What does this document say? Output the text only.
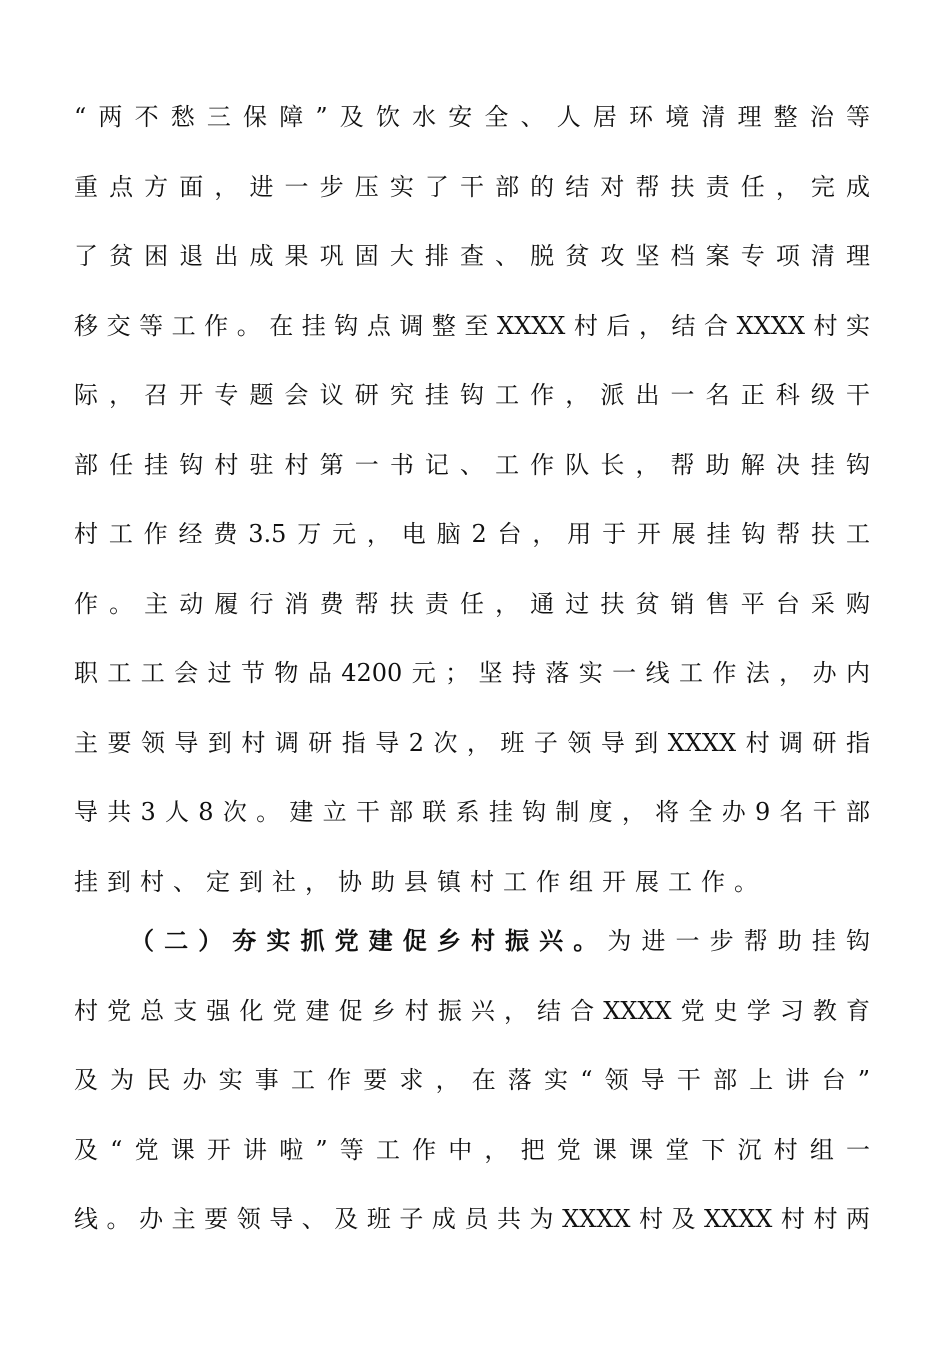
“两不愁三保障”及饮水安全、人居环境清理整治等
重点方面，进一步压实了干部的结对帮扶责任，完成
了贫困退出成果巩固大排查、脱贫攻坚档案专项清理
移交等工作。在挂钩点调整至XXXX村后，结合XXXX村实
际，召开专题会议研究挂钩工作，派出一名正科级干
部任挂钩村驻村第一书记、工作队长，帮助解决挂钩
村工作经费3.5万元，电脑2台，用于开展挂钩帮扶工
作。主动履行消费帮扶责任，通过扶贫销售平台采购
职工工会过节物品4200元；坚持落实一线工作法，办内
主要领导到村调研指导2次，班子领导到XXXX村调研指
导共3人8次。建立干部联系挂钩制度，将全办9名干部
挂到村、定到社，协助县镇村工作组开展工作。
（二）夯实抓党建促乡村振兴。为进一步帮助挂钩
村党总支强化党建促乡村振兴，结合XXXX党史学习教育
及为民办实事工作要求，在落实“领导干部上讲台”
及“党课开讲啦”等工作中，把党课课堂下沉村组一
线。办主要领导、及班子成员共为XXXX村及XXXX村村两
